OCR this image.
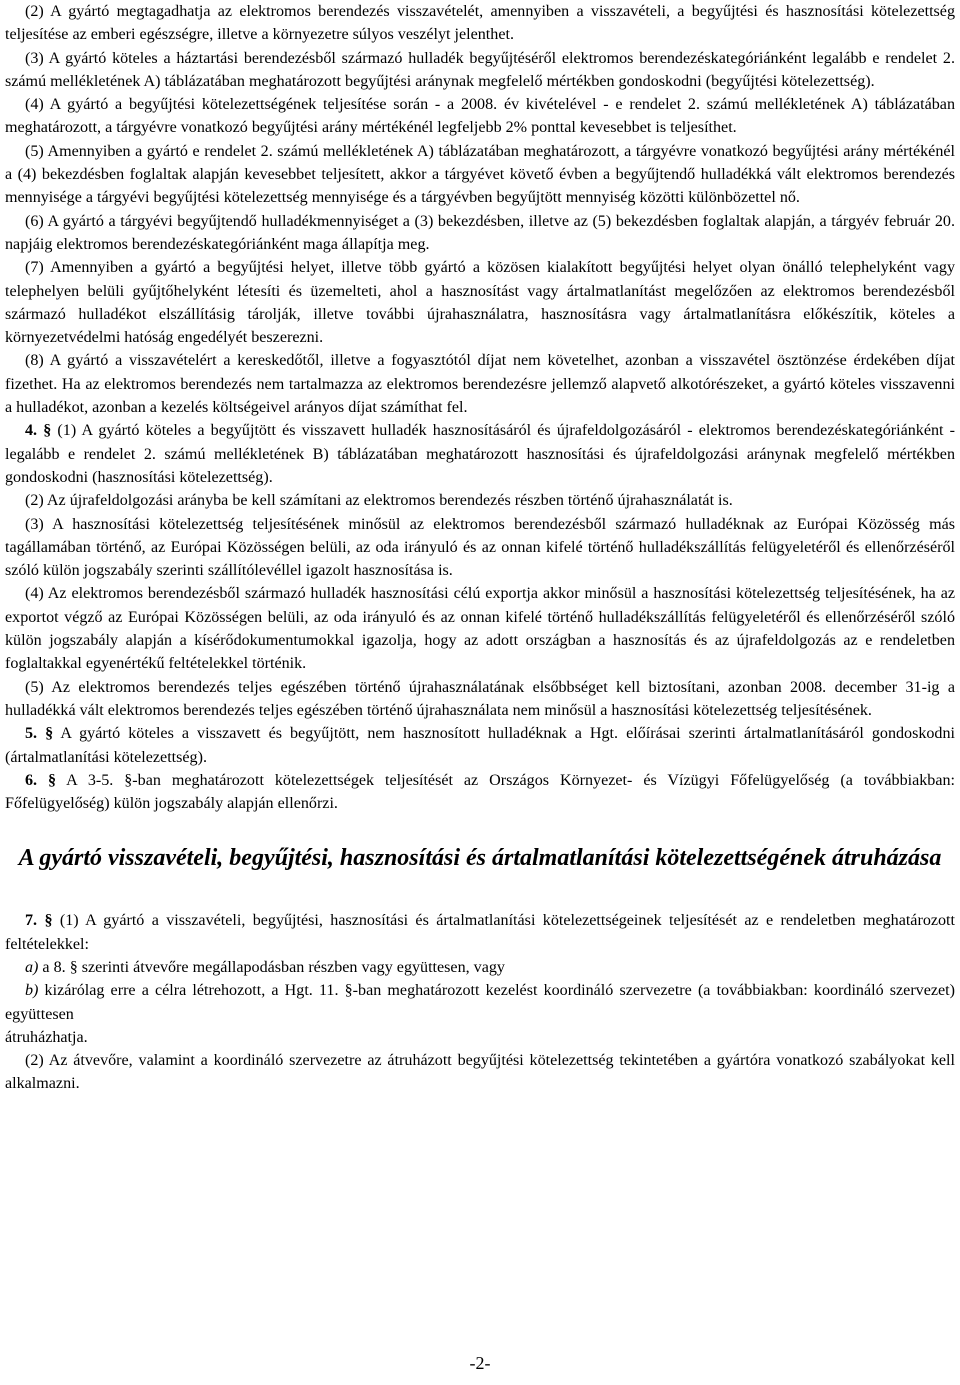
(2) A gyártó megtagadhatja az elektromos berendezés visszavételét, amennyiben a visszavételi, a begyűjtési és hasznosítási kötelezettség teljesítése az emberi egészségre, illetve a környezetre súlyos veszélyt jelenthet.

(3) A gyártó köteles a háztartási berendezésből származó hulladék begyűjtéséről elektromos berendezéskategóriánként legalább e rendelet 2. számú mellékletének A) táblázatában meghatározott begyűjtési aránynak megfelelő mértékben gondoskodni (begyűjtési kötelezettség).

(4) A gyártó a begyűjtési kötelezettségének teljesítése során - a 2008. év kivételével - e rendelet 2. számú mellékletének A) táblázatában meghatározott, a tárgyévre vonatkozó begyűjtési arány mértékénél legfeljebb 2% ponttal kevesebbet is teljesíthet.

(5) Amennyiben a gyártó e rendelet 2. számú mellékletének A) táblázatában meghatározott, a tárgyévre vonatkozó begyűjtési arány mértékénél a (4) bekezdésben foglaltak alapján kevesebbet teljesített, akkor a tárgyévet követő évben a begyűjtendő hulladékká vált elektromos berendezés mennyisége a tárgyévi begyűjtési kötelezettség mennyisége és a tárgyévben begyűjtött mennyiség közötti különbözettel nő.

(6) A gyártó a tárgyévi begyűjtendő hulladékmennyiséget a (3) bekezdésben, illetve az (5) bekezdésben foglaltak alapján, a tárgyév február 20. napjáig elektromos berendezéskategóriánként maga állapítja meg.

(7) Amennyiben a gyártó a begyűjtési helyet, illetve több gyártó a közösen kialakított begyűjtési helyet olyan önálló telephelyként vagy telephelyen belüli gyűjtőhelyként létesíti és üzemelteti, ahol a hasznosítást vagy ártalmatlanítást megelőzően az elektromos berendezésből származó hulladékot elszállításig tárolják, illetve további újrahasználatra, hasznosításra vagy ártalmatlanításra előkészítik, köteles a környezetvédelmi hatóság engedélyét beszerezni.

(8) A gyártó a visszavételért a kereskedőtől, illetve a fogyasztótól díjat nem követelhet, azonban a visszavétel ösztönzése érdekében díjat fizethet. Ha az elektromos berendezés nem tartalmazza az elektromos berendezésre jellemző alapvető alkotórészeket, a gyártó köteles visszavenni a hulladékot, azonban a kezelés költségeivel arányos díjat számíthat fel.

4. § (1) A gyártó köteles a begyűjtött és visszavett hulladék hasznosításáról és újrafeldolgozásáról - elektromos berendezéskategóriánként - legalább e rendelet 2. számú mellékletének B) táblázatában meghatározott hasznosítási és újrafeldolgozási aránynak megfelelő mértékben gondoskodni (hasznosítási kötelezettség).

(2) Az újrafeldolgozási arányba be kell számítani az elektromos berendezés részben történő újrahasználatát is.

(3) A hasznosítási kötelezettség teljesítésének minősül az elektromos berendezésből származó hulladéknak az Európai Közösség más tagállamában történő, az Európai Közösségen belüli, az oda irányuló és az onnan kifelé történő hulladékszállítás felügyeletéről és ellenőrzéséről szóló külön jogszabály szerinti szállítólevéllel igazolt hasznosítása is.

(4) Az elektromos berendezésből származó hulladék hasznosítási célú exportja akkor minősül a hasznosítási kötelezettség teljesítésének, ha az exportot végző az Európai Közösségen belüli, az oda irányuló és az onnan kifelé történő hulladékszállítás felügyeletéről és ellenőrzéséről szóló külön jogszabály alapján a kísérődokumentumokkal igazolja, hogy az adott országban a hasznosítás és az újrafeldolgozás az e rendeletben foglaltakkal egyenértékű feltételekkel történik.

(5) Az elektromos berendezés teljes egészében történő újrahasználatának elsőbbséget kell biztosítani, azonban 2008. december 31-ig a hulladékká vált elektromos berendezés teljes egészében történő újrahasználata nem minősül a hasznosítási kötelezettség teljesítésének.

5. § A gyártó köteles a visszavett és begyűjtött, nem hasznosított hulladéknak a Hgt. előírásai szerinti ártalmatlanításáról gondoskodni (ártalmatlanítási kötelezettség).

6. § A 3-5. §-ban meghatározott kötelezettségek teljesítését az Országos Környezet- és Vízügyi Főfelügyelőség (a továbbiakban: Főfelügyelőség) külön jogszabály alapján ellenőrzi.

A gyártó visszavételi, begyűjtési, hasznosítási és ártalmatlanítási kötelezettségének átruházása

7. § (1) A gyártó a visszavételi, begyűjtési, hasznosítási és ártalmatlanítási kötelezettségeinek teljesítését az e rendeletben meghatározott feltételekkel:

a) a 8. § szerinti átvevőre megállapodásban részben vagy együttesen, vagy

b) kizárólag erre a célra létrehozott, a Hgt. 11. §-ban meghatározott kezelést koordináló szervezetre (a továbbiakban: koordináló szervezet) együttesen

átruházhatja.

(2) Az átvevőre, valamint a koordináló szervezetre az átruházott begyűjtési kötelezettség tekintetében a gyártóra vonatkozó szabályokat kell alkalmazni.

-2-
